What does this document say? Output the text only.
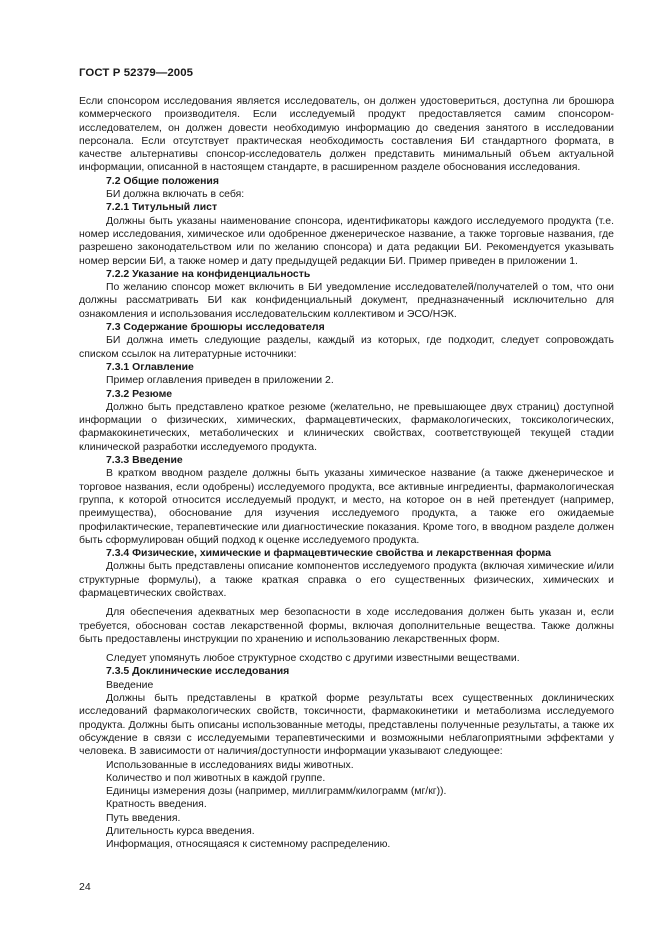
ГОСТ Р 52379—2005

Если спонсором исследования является исследователь, он должен удостовериться, доступна ли брошюра коммерческого производителя. Если исследуемый продукт предоставляется самим спонсором-исследователем, он должен довести необходимую информацию до сведения занятого в исследовании персонала. Если отсутствует практическая необходимость составления БИ стандартного формата, в качестве альтернативы спонсор-исследователь должен представить минимальный объем актуальной информации, описанной в настоящем стандарте, в расширенном разделе обоснования исследования.

7.2 Общие положения

БИ должна включать в себя:

7.2.1 Титульный лист

Должны быть указаны наименование спонсора, идентификаторы каждого исследуемого продукта (т.е. номер исследования, химическое или одобренное дженерическое название, а также торговые названия, где разрешено законодательством или по желанию спонсора) и дата редакции БИ. Рекомендуется указывать номер версии БИ, а также номер и дату предыдущей редакции БИ. Пример приведен в приложении 1.

7.2.2 Указание на конфиденциальность

По желанию спонсор может включить в БИ уведомление исследователей/получателей о том, что они должны рассматривать БИ как конфиденциальный документ, предназначенный исключительно для ознакомления и использования исследовательским коллективом и ЭСО/НЭК.

7.3 Содержание брошюры исследователя

БИ должна иметь следующие разделы, каждый из которых, где подходит, следует сопровождать списком ссылок на литературные источники:

7.3.1 Оглавление

Пример оглавления приведен в приложении 2.

7.3.2 Резюме

Должно быть представлено краткое резюме (желательно, не превышающее двух страниц) доступной информации о физических, химических, фармацевтических, фармакологических, токсикологических, фармакокинетических, метаболических и клинических свойствах, соответствующей текущей стадии клинической разработки исследуемого продукта.

7.3.3 Введение

В кратком вводном разделе должны быть указаны химическое название (а также дженерическое и торговое названия, если одобрены) исследуемого продукта, все активные ингредиенты, фармакологическая группа, к которой относится исследуемый продукт, и место, на которое он в ней претендует (например, преимущества), обоснование для изучения исследуемого продукта, а также его ожидаемые профилактические, терапевтические или диагностические показания. Кроме того, в вводном разделе должен быть сформулирован общий подход к оценке исследуемого продукта.

7.3.4 Физические, химические и фармацевтические свойства и лекарственная форма

Должны быть представлены описание компонентов исследуемого продукта (включая химические и/или структурные формулы), а также краткая справка о его существенных физических, химических и фармацевтических свойствах.

Для обеспечения адекватных мер безопасности в ходе исследования должен быть указан и, если требуется, обоснован состав лекарственной формы, включая дополнительные вещества. Также должны быть предоставлены инструкции по хранению и использованию лекарственных форм.

Следует упомянуть любое структурное сходство с другими известными веществами.

7.3.5 Доклинические исследования

Введение

Должны быть представлены в краткой форме результаты всех существенных доклинических исследований фармакологических свойств, токсичности, фармакокинетики и метаболизма исследуемого продукта. Должны быть описаны использованные методы, представлены полученные результаты, а также их обсуждение в связи с исследуемыми терапевтическими и возможными неблагоприятными эффектами у человека. В зависимости от наличия/доступности информации указывают следующее:

Использованные в исследованиях виды животных.

Количество и пол животных в каждой группе.

Единицы измерения дозы (например, миллиграмм/килограмм (мг/кг)).

Кратность введения.

Путь введения.

Длительность курса введения.

Информация, относящаяся к системному распределению.

24
